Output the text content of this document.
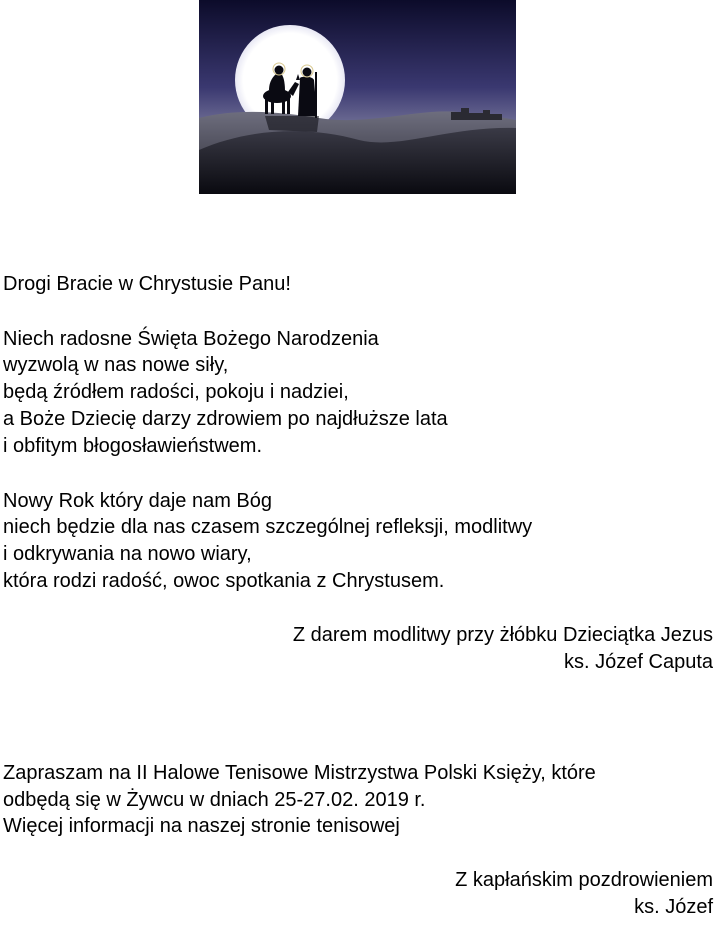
Drogi Bracie w Chrystusie Panu!
Niech radosne Święta Bożego Narodzenia
wyzwolą w nas nowe siły,
będą źródłem radości, pokoju i nadziei,
a Boże Dziecię darzy zdrowiem po najdłuższe lata
i obfitym błogosławieństwem.
Nowy Rok który daje nam Bóg
niech będzie dla nas czasem szczególnej refleksji, modlitwy
i odkrywania na nowo wiary,
która rodzi radość, owoc spotkania z Chrystusem.
Z darem modlitwy przy żłóbku Dzieciątka Jezus
ks. Józef Caputa
Zapraszam na II Halowe Tenisowe Mistrzystwa Polski Księży, które
odbędą się w Żywcu w dniach 25-27.02. 2019 r.
Więcej informacji na naszej stronie tenisowej
Z kapłańskim pozdrowieniem
ks. Józef
